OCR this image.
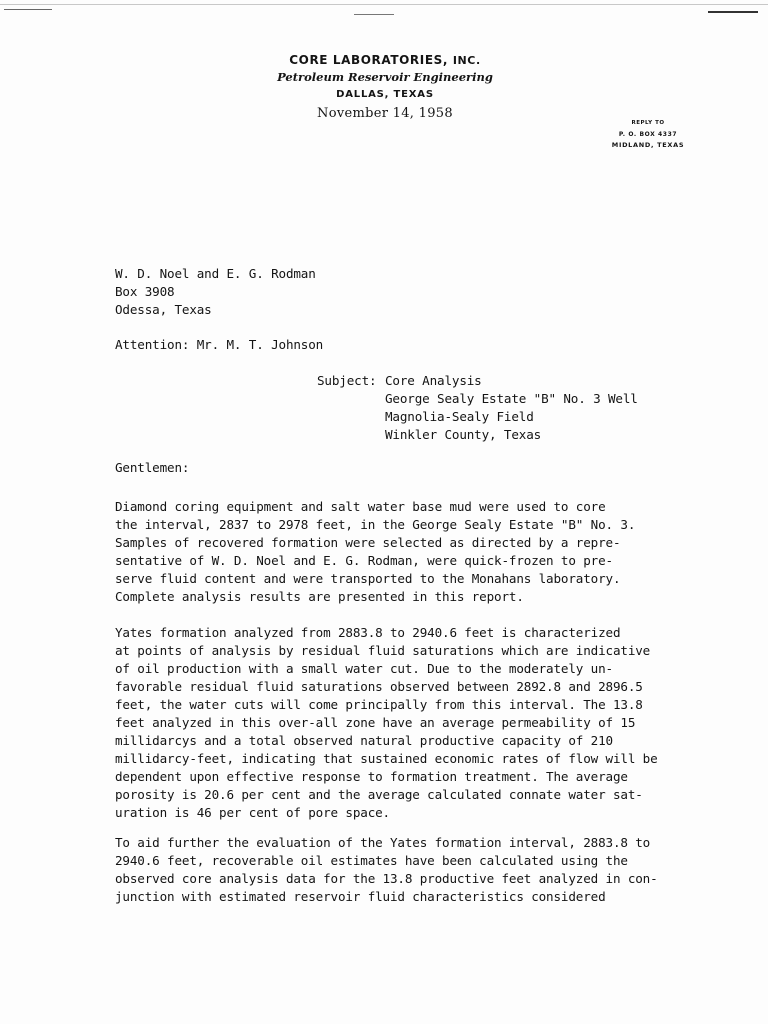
CORE LABORATORIES, INC.
Petroleum Reservoir Engineering
DALLAS, TEXAS
November 14, 1958
REPLY TO
P. O. BOX 4337
MIDLAND, TEXAS
W. D. Noel and E. G. Rodman
Box 3908
Odessa, Texas
Attention: Mr. M. T. Johnson
Subject: Core Analysis
George Sealy Estate "B" No. 3 Well
Magnolia-Sealy Field
Winkler County, Texas
Gentlemen:
Diamond coring equipment and salt water base mud were used to core
the interval, 2837 to 2978 feet, in the George Sealy Estate "B" No. 3.
Samples of recovered formation were selected as directed by a repre-
sentative of W. D. Noel and E. G. Rodman, were quick-frozen to pre-
serve fluid content and were transported to the Monahans laboratory.
Complete analysis results are presented in this report.
Yates formation analyzed from 2883.8 to 2940.6 feet is characterized
at points of analysis by residual fluid saturations which are indicative
of oil production with a small water cut. Due to the moderately un-
favorable residual fluid saturations observed between 2892.8 and 2896.5
feet, the water cuts will come principally from this interval. The 13.8
feet analyzed in this over-all zone have an average permeability of 15
millidarcys and a total observed natural productive capacity of 210
millidarcy-feet, indicating that sustained economic rates of flow will be
dependent upon effective response to formation treatment. The average
porosity is 20.6 per cent and the average calculated connate water sat-
uration is 46 per cent of pore space.
To aid further the evaluation of the Yates formation interval, 2883.8 to
2940.6 feet, recoverable oil estimates have been calculated using the
observed core analysis data for the 13.8 productive feet analyzed in con-
junction with estimated reservoir fluid characteristics considered
